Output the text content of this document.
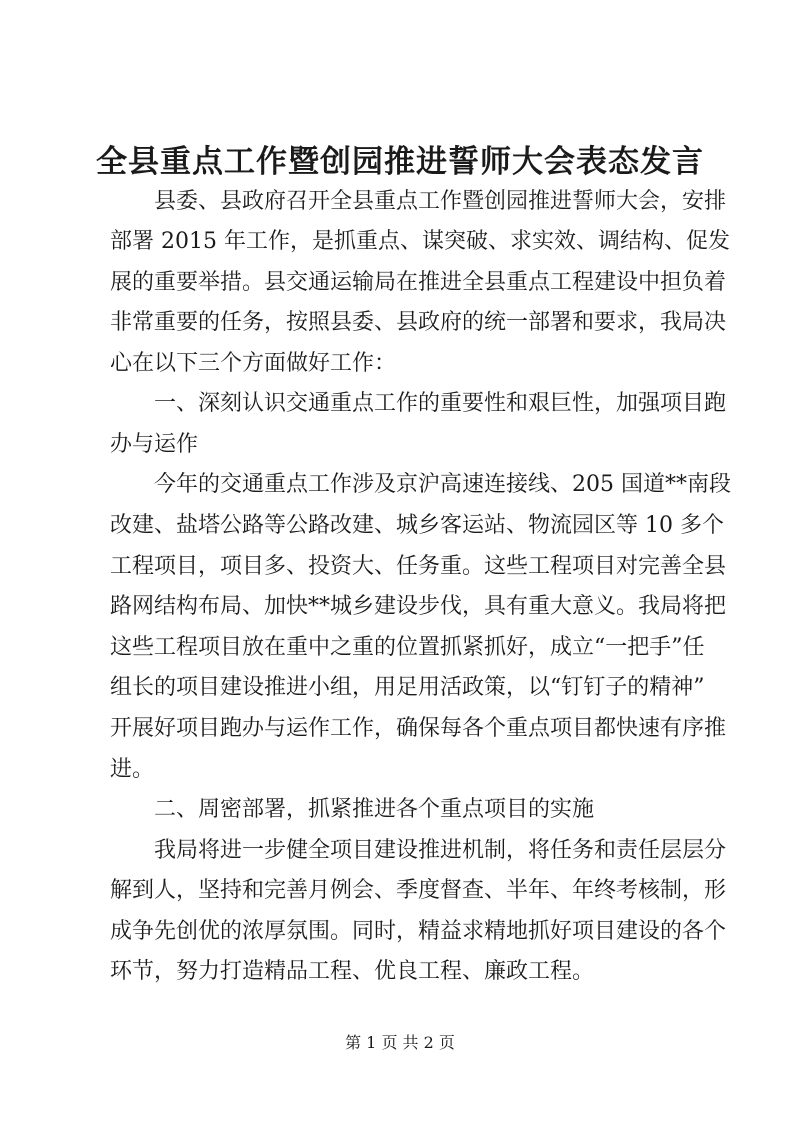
全县重点工作暨创园推进誓师大会表态发言
县委、县政府召开全县重点工作暨创园推进誓师大会，安排
部署 2015 年工作，是抓重点、谋突破、求实效、调结构、促发
展的重要举措。县交通运输局在推进全县重点工程建设中担负着
非常重要的任务，按照县委、县政府的统一部署和要求，我局决
心在以下三个方面做好工作：
一、深刻认识交通重点工作的重要性和艰巨性，加强项目跑
办与运作
今年的交通重点工作涉及京沪高速连接线、205 国道**南段
改建、盐塔公路等公路改建、城乡客运站、物流园区等 10 多个
工程项目，项目多、投资大、任务重。这些工程项目对完善全县
路网结构布局、加快**城乡建设步伐，具有重大意义。我局将把
这些工程项目放在重中之重的位置抓紧抓好，成立“一把手”任
组长的项目建设推进小组，用足用活政策，以“钉钉子的精神”
开展好项目跑办与运作工作，确保每各个重点项目都快速有序推
进。
二、周密部署，抓紧推进各个重点项目的实施
我局将进一步健全项目建设推进机制，将任务和责任层层分
解到人，坚持和完善月例会、季度督查、半年、年终考核制，形
成争先创优的浓厚氛围。同时，精益求精地抓好项目建设的各个
环节，努力打造精品工程、优良工程、廉政工程。
第 1 页 共 2 页
